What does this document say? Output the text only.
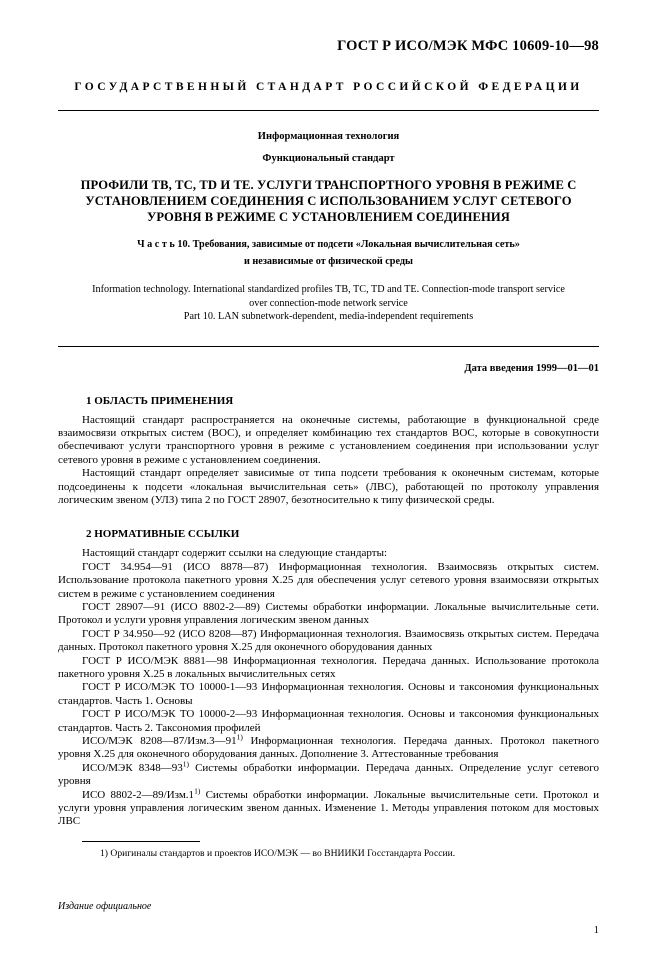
ГОСТ Р ИСО/МЭК МФС 10609-10—98
ГОСУДАРСТВЕННЫЙ СТАНДАРТ РОССИЙСКОЙ ФЕДЕРАЦИИ
Информационная технология
Функциональный стандарт
ПРОФИЛИ ТВ, ТС, TD И ТЕ. УСЛУГИ ТРАНСПОРТНОГО УРОВНЯ В РЕЖИМЕ С УСТАНОВЛЕНИЕМ СОЕДИНЕНИЯ С ИСПОЛЬЗОВАНИЕМ УСЛУГ СЕТЕВОГО УРОВНЯ В РЕЖИМЕ С УСТАНОВЛЕНИЕМ СОЕДИНЕНИЯ
Ч а с т ь 10. Требования, зависимые от подсети «Локальная вычислительная сеть»
и независимые от физической среды
Information technology. International standardized profiles TB, TC, TD and TE. Connection-mode transport service
over connection-mode network service
Part 10. LAN subnetwork-dependent, media-independent requirements
Дата введения 1999—01—01
1 ОБЛАСТЬ ПРИМЕНЕНИЯ

Настоящий стандарт распространяется на оконечные системы, работающие в функциональной среде взаимосвязи открытых систем (ВОС), и определяет комбинацию тех стандартов ВОС, которые в совокупности обеспечивают услуги транспортного уровня в режиме с установлением соединения при использовании услуг сетевого уровня в режиме с установлением соединения.

Настоящий стандарт определяет зависимые от типа подсети требования к оконечным системам, которые подсоединены к подсети «локальная вычислительная сеть» (ЛВС), работающей по протоколу управления логическим звеном (УЛЗ) типа 2 по ГОСТ 28907, безотносительно к типу физической среды.

2 НОРМАТИВНЫЕ ССЫЛКИ

Настоящий стандарт содержит ссылки на следующие стандарты:

ГОСТ 34.954—91 (ИСО 8878—87) Информационная технология. Взаимосвязь открытых систем. Использование протокола пакетного уровня Х.25 для обеспечения услуг сетевого уровня взаимосвязи открытых систем в режиме с установлением соединения

ГОСТ 28907—91 (ИСО 8802-2—89) Системы обработки информации. Локальные вычислительные сети. Протокол и услуги уровня управления логическим звеном данных

ГОСТ Р 34.950—92 (ИСО 8208—87) Информационная технология. Взаимосвязь открытых систем. Передача данных. Протокол пакетного уровня Х.25 для оконечного оборудования данных

ГОСТ Р ИСО/МЭК 8881—98 Информационная технология. Передача данных. Использование протокола пакетного уровня Х.25 в локальных вычислительных сетях

ГОСТ Р ИСО/МЭК ТО 10000-1—93 Информационная технология. Основы и таксономия функциональных стандартов. Часть 1. Основы

ГОСТ Р ИСО/МЭК ТО 10000-2—93 Информационная технология. Основы и таксономия функциональных стандартов. Часть 2. Таксономия профилей

ИСО/МЭК 8208—87/Изм.3—91$^{1)}$ Информационная технология. Передача данных. Протокол пакетного уровня Х.25 для оконечного оборудования данных. Дополнение 3. Аттестованные требования

ИСО/МЭК 8348—93$^{1)}$ Системы обработки информации. Передача данных. Определение услуг сетевого уровня

ИСО 8802-2—89/Изм.1$^{1)}$ Системы обработки информации. Локальные вычислительные сети. Протокол и услуги уровня управления логическим звеном данных. Изменение 1. Методы управления потоком для мостовых ЛВС

1) Оригиналы стандартов и проектов ИСО/МЭК — во ВНИИКИ Госстандарта России.
Издание официальное
1
